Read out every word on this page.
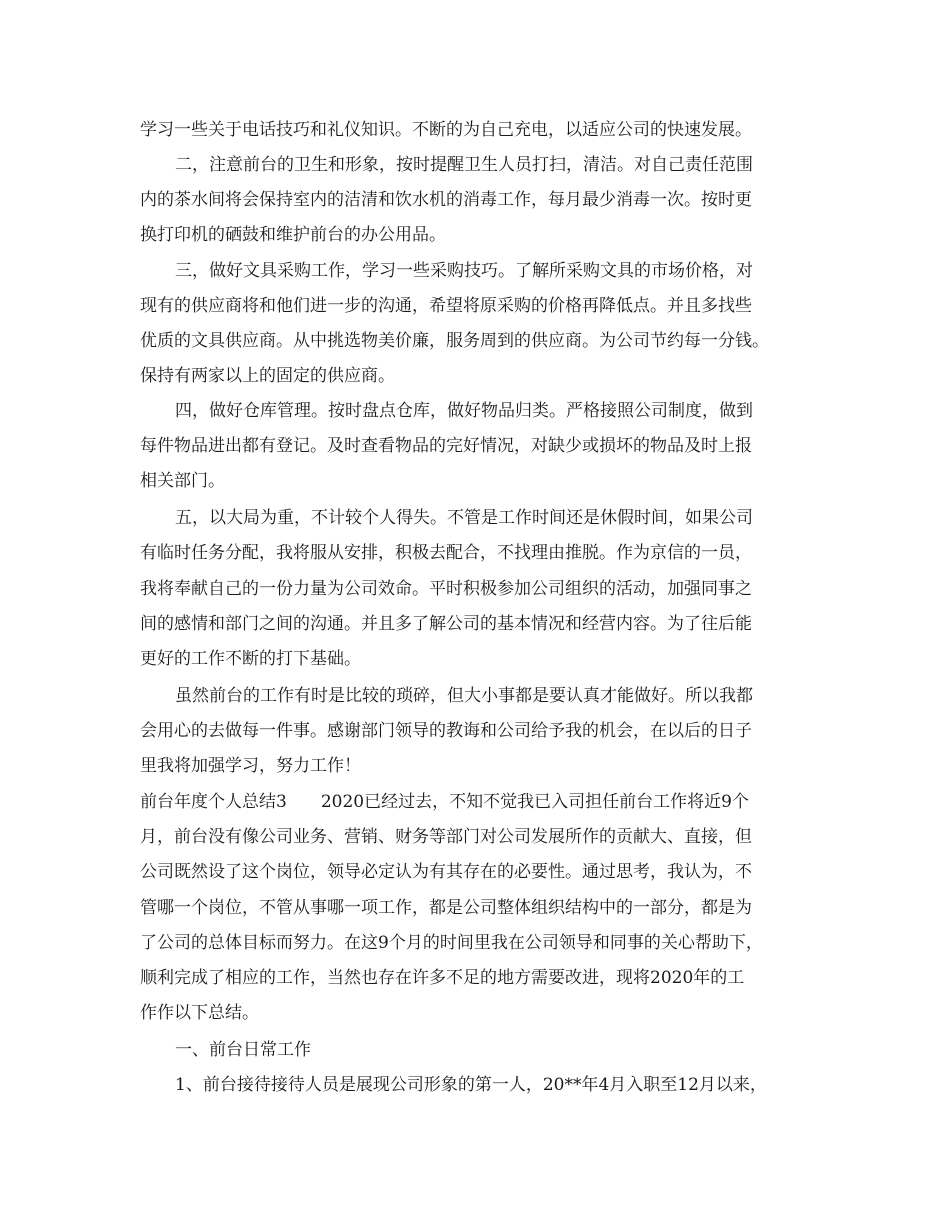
学习一些关于电话技巧和礼仪知识。不断的为自己充电，以适应公司的快速发展。
二，注意前台的卫生和形象，按时提醒卫生人员打扫，清洁。对自己责任范围
内的茶水间将会保持室内的洁清和饮水机的消毒工作，每月最少消毒一次。按时更
换打印机的硒鼓和维护前台的办公用品。
三，做好文具采购工作，学习一些采购技巧。了解所采购文具的市场价格，对
现有的供应商将和他们进一步的沟通，希望将原采购的价格再降低点。并且多找些
优质的文具供应商。从中挑选物美价廉，服务周到的供应商。为公司节约每一分钱。
保持有两家以上的固定的供应商。
四，做好仓库管理。按时盘点仓库，做好物品归类。严格接照公司制度，做到
每件物品进出都有登记。及时查看物品的完好情况，对缺少或损坏的物品及时上报
相关部门。
五，以大局为重，不计较个人得失。不管是工作时间还是休假时间，如果公司
有临时任务分配，我将服从安排，积极去配合，不找理由推脱。作为京信的一员，
我将奉献自己的一份力量为公司效命。平时积极参加公司组织的活动，加强同事之
间的感情和部门之间的沟通。并且多了解公司的基本情况和经营内容。为了往后能
更好的工作不断的打下基础。
虽然前台的工作有时是比较的琐碎，但大小事都是要认真才能做好。所以我都
会用心的去做每一件事。感谢部门领导的教诲和公司给予我的机会，在以后的日子
里我将加强学习，努力工作！
前台年度个人总结3 2020已经过去，不知不觉我已入司担任前台工作将近9个
月，前台没有像公司业务、营销、财务等部门对公司发展所作的贡献大、直接，但
公司既然设了这个岗位，领导必定认为有其存在的必要性。通过思考，我认为，不
管哪一个岗位，不管从事哪一项工作，都是公司整体组织结构中的一部分，都是为
了公司的总体目标而努力。在这9个月的时间里我在公司领导和同事的关心帮助下，
顺利完成了相应的工作，当然也存在许多不足的地方需要改进，现将2020年的工
作作以下总结。
一、前台日常工作
1、前台接待接待人员是展现公司形象的第一人，20**年4月入职至12月以来，
